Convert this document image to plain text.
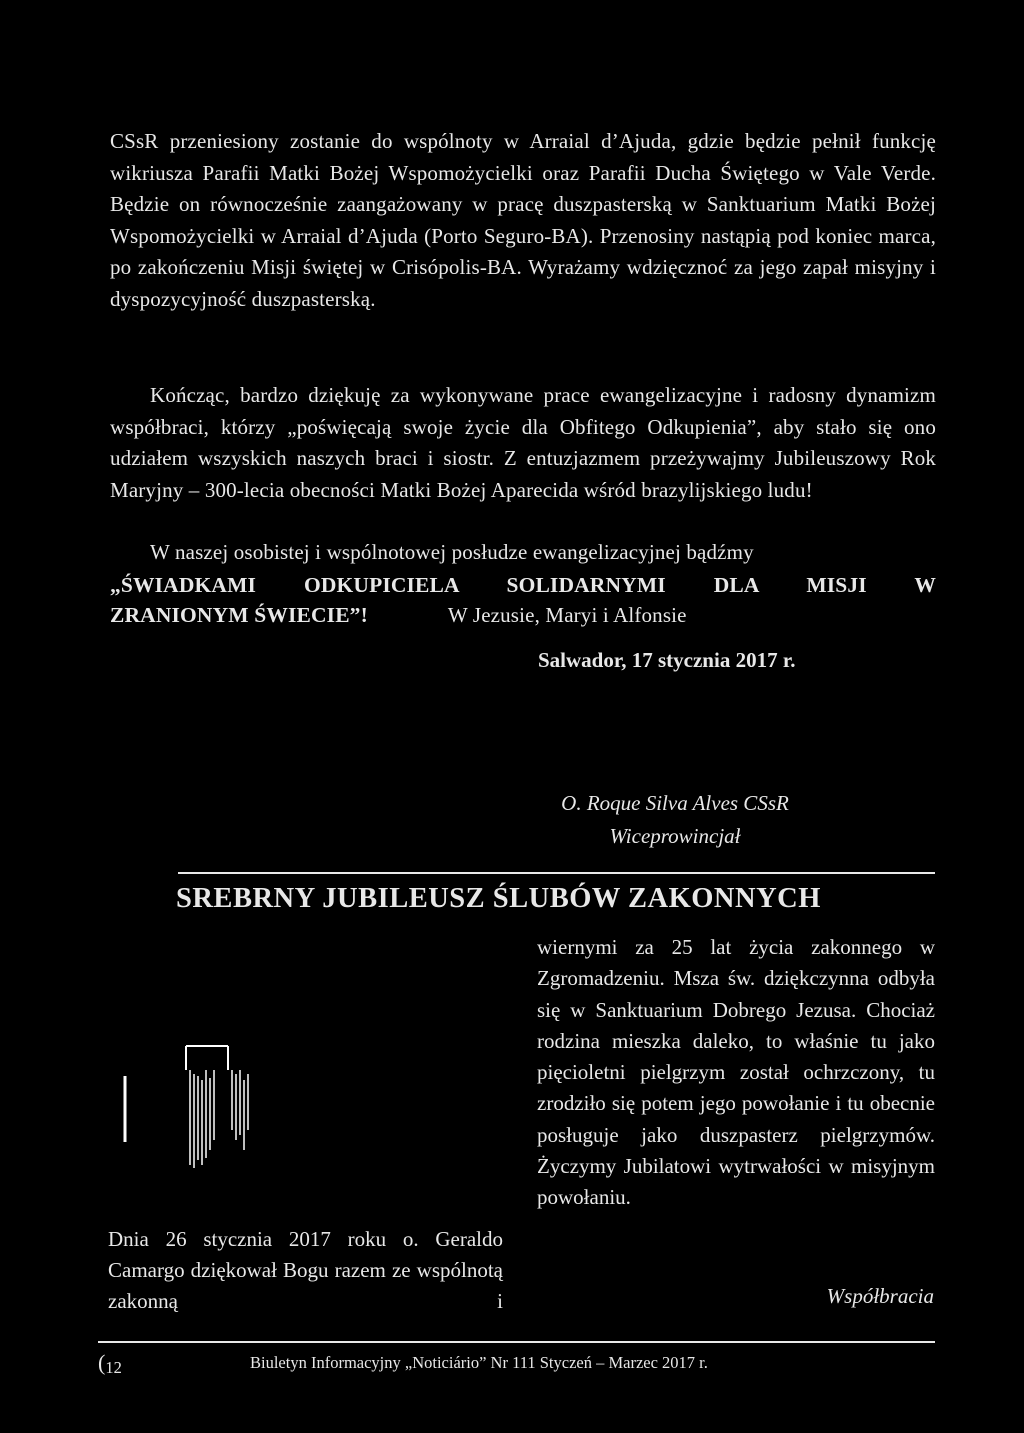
CSsR przeniesiony zostanie do wspólnoty w Arraial d’Ajuda, gdzie będzie pełnił funkcję wikriusza Parafii Matki Bożej Wspomożycielki oraz Parafii Ducha Świętego w Vale Verde. Będzie on równocześnie zaangażowany w pracę duszpasterską w Sanktuarium Matki Bożej Wspomożycielki w Arraial d’Ajuda (Porto Seguro-BA). Przenosiny nastąpią pod koniec marca, po zakończeniu Misji świętej w Crisópolis-BA. Wyrażamy wdzięcznoć za jego zapał misyjny i dyspozycyjność duszpasterską.
Kończąc, bardzo dziękuję za wykonywane prace ewangelizacyjne i radosny dynamizm współbraci, którzy „poświęcają swoje życie dla Obfitego Odkupienia”, aby stało się ono udziałem wszyskich naszych braci i siostr. Z entuzjazmem przeżywajmy Jubileuszowy Rok Maryjny – 300-lecia obecności Matki Bożej Aparecida wśród brazylijskiego ludu!
W naszej osobistej i wspólnotowej posłudze ewangelizacyjnej bądźmy
„ŚWIADKAMI ODKUPICIELA SOLIDARNYMI DLA MISJI W
ZRANIONYM ŚWIECIE”!	W Jezusie, Maryi i Alfonsie
Salwador, 17 stycznia 2017 r.
O. Roque Silva Alves CSsR
Wiceprowincjał
SREBRNY JUBILEUSZ ŚLUBÓW ZAKONNYCH
wiernymi za 25 lat życia zakonnego w Zgromadzeniu. Msza św. dziękczynna odbyła się w Sanktuarium Dobrego Jezusa. Chociaż rodzina mieszka daleko, to właśnie tu jako pięcioletni pielgrzym został ochrzczony, tu zrodziło się potem jego powołanie i tu obecnie posługuje jako duszpasterz pielgrzymów. Życzymy Jubilatowi wytrwałości w misyjnym powołaniu.
Dnia 26 stycznia 2017 roku o. Geraldo Camargo dziękował Bogu razem ze wspólnotą zakonną i	Współbracia
(12	Biuletyn Informacyjny „Noticiário” Nr 111 Styczeń – Marzec 2017 r.
